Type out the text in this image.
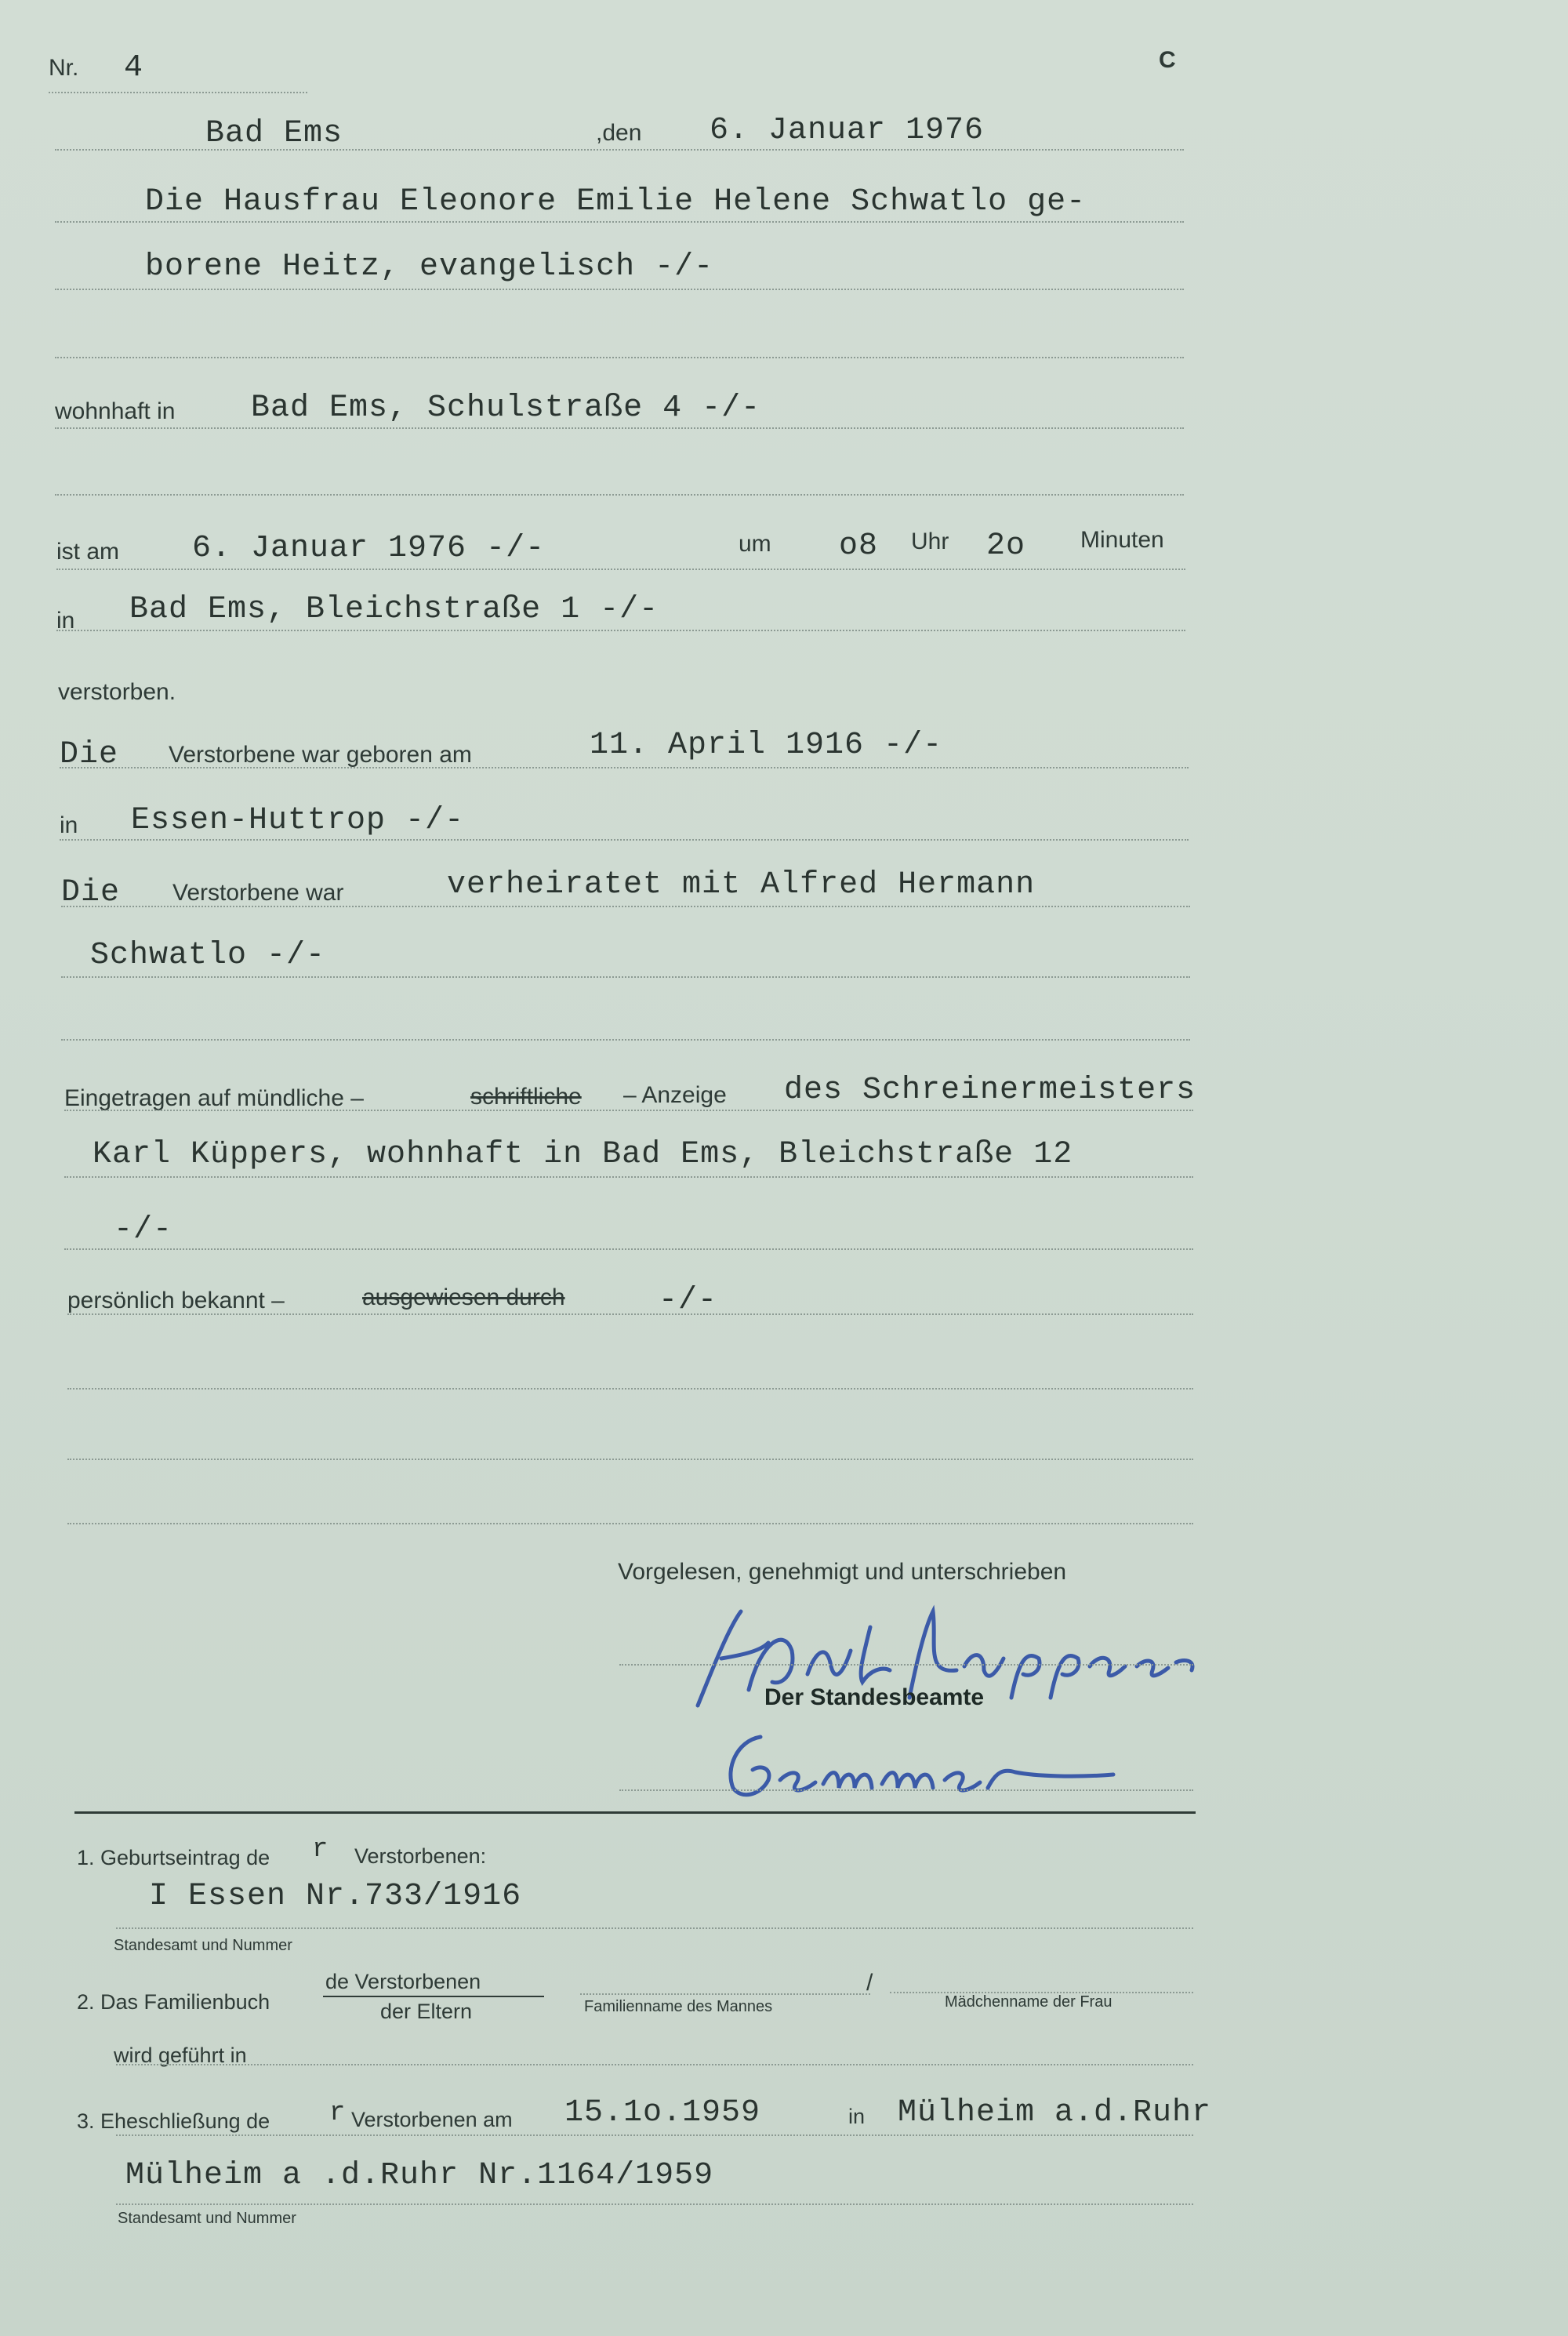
Nr. 4	C
Bad Ems	,den 6. Januar 1976
Die Hausfrau Eleonore Emilie Helene Schwatlo ge-
borene Heitz, evangelisch -/-
wohnhaft in Bad Ems, Schulstraße 4 -/-
ist am 6. Januar 1976 -/-	um o8 Uhr 2o Minuten
in Bad Ems, Bleichstraße 1 -/-
verstorben.
Die Verstorbene war geboren am	11. April 1916 -/-
in Essen-Huttrop -/-
Die Verstorbene war	verheiratet mit Alfred Hermann
Schwatlo -/-
Eingetragen auf mündliche –	schriftliche – Anzeige des Schreinermeisters
Karl Küppers, wohnhaft in Bad Ems, Bleichstraße 12
-/-
persönlich bekannt –	ausgewiesen durch	-/-
Vorgelesen, genehmigt und unterschrieben
Der Standesbeamte
1. Geburtseintrag de r Verstorbenen:
I Essen Nr.733/1916
Standesamt und Nummer
2. Das Familienbuch
de Verstorbenen
der Eltern	Familienname des Mannes
/
Mädchenname der Frau
wird geführt in
3. Eheschließung de r Verstorbenen am 15.1o.1959	in Mülheim a.d.Ruhr
Mülheim a .d.Ruhr Nr.1164/1959
Standesamt und Nummer
